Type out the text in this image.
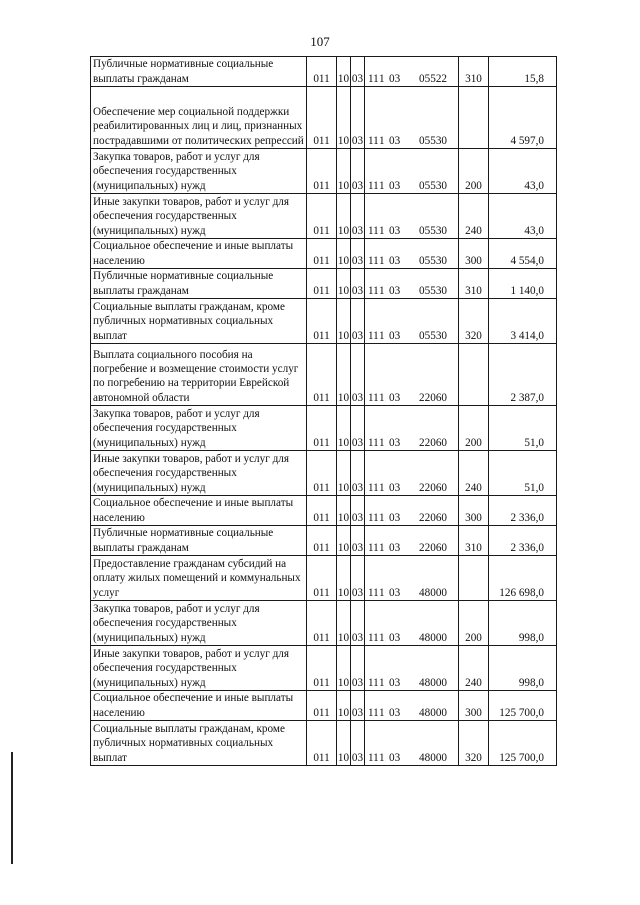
107
Публичные нормативные социальные выплаты гражданам	011	10	03	111 03 05522	310	15,8
Обеспечение мер социальной поддержки реабилитированных лиц и лиц, признанных пострадавшими от политических репрессий	011	10	03	111 03 05530		4 597,0
Закупка товаров, работ и услуг для обеспечения государственных (муниципальных) нужд	011	10	03	111 03 05530	200	43,0
Иные закупки товаров, работ и услуг для обеспечения государственных (муниципальных) нужд	011	10	03	111 03 05530	240	43,0
Социальное обеспечение и иные выплаты населению	011	10	03	111 03 05530	300	4 554,0
Публичные нормативные социальные выплаты гражданам	011	10	03	111 03 05530	310	1 140,0
Социальные выплаты гражданам, кроме публичных нормативных социальных выплат	011	10	03	111 03 05530	320	3 414,0
Выплата социального пособия на погребение и возмещение стоимости услуг по погребению на территории Еврейской автономной области	011	10	03	111 03 22060		2 387,0
Закупка товаров, работ и услуг для обеспечения государственных (муниципальных) нужд	011	10	03	111 03 22060	200	51,0
Иные закупки товаров, работ и услуг для обеспечения государственных (муниципальных) нужд	011	10	03	111 03 22060	240	51,0
Социальное обеспечение и иные выплаты населению	011	10	03	111 03 22060	300	2 336,0
Публичные нормативные социальные выплаты гражданам	011	10	03	111 03 22060	310	2 336,0
Предоставление гражданам субсидий на оплату жилых помещений и коммунальных услуг	011	10	03	111 03 48000		126 698,0
Закупка товаров, работ и услуг для обеспечения государственных (муниципальных) нужд	011	10	03	111 03 48000	200	998,0
Иные закупки товаров, работ и услуг для обеспечения государственных (муниципальных) нужд	011	10	03	111 03 48000	240	998,0
Социальное обеспечение и иные выплаты населению	011	10	03	111 03 48000	300	125 700,0
Социальные выплаты гражданам, кроме публичных нормативных социальных выплат	011	10	03	111 03 48000	320	125 700,0
